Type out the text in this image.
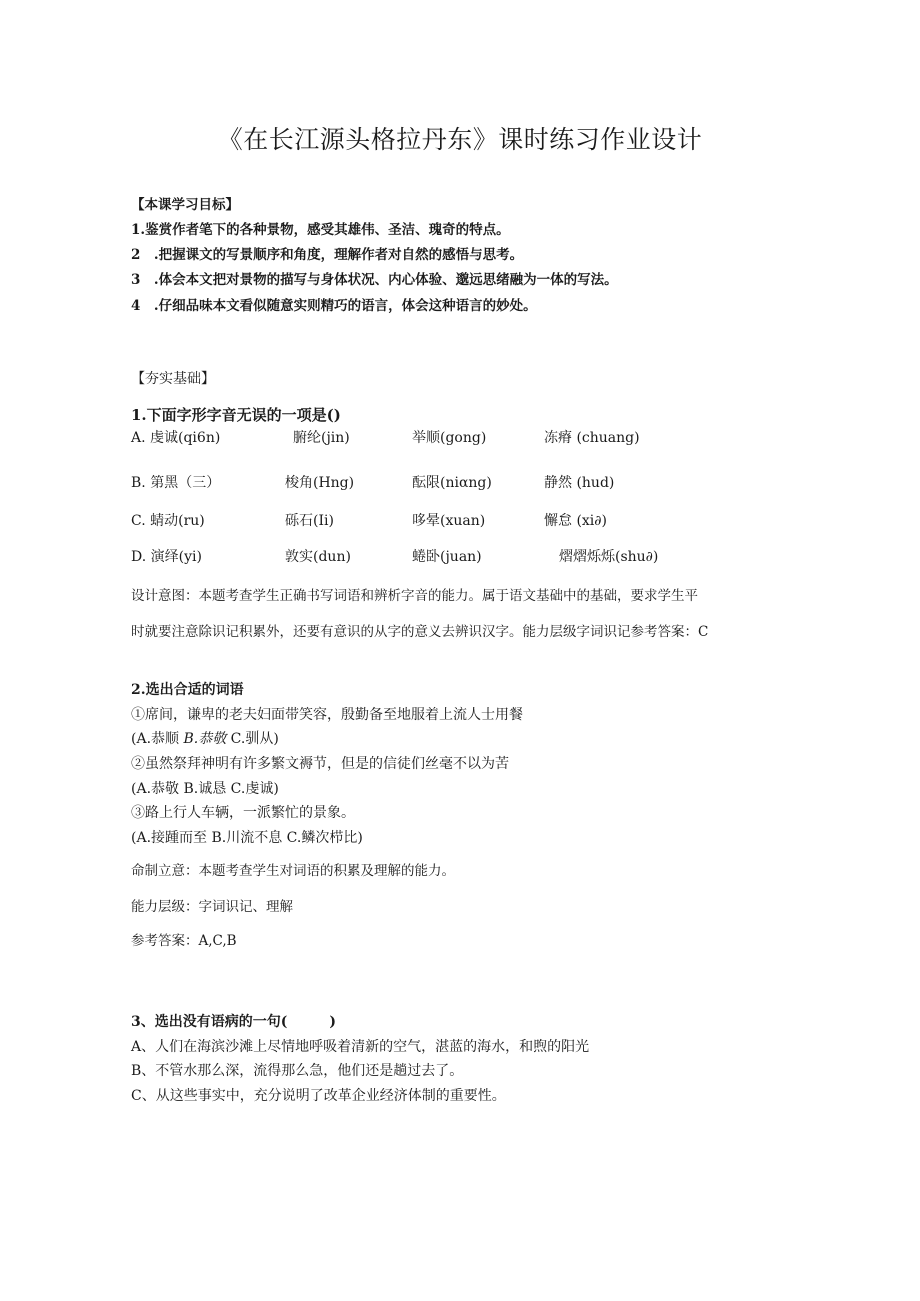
《在长江源头格拉丹东》课时练习作业设计
【本课学习目标】
1.鉴赏作者笔下的各种景物，感受其雄伟、圣洁、瑰奇的特点。
2　.把握课文的写景顺序和角度，理解作者对自然的感悟与思考。
3　.体会本文把对景物的描写与身体状况、内心体验、邈远思绪融为一体的写法。
4　.仔细品味本文看似随意实则精巧的语言，体会这种语言的妙处。
【夯实基础】
1.下面字形字音无误的一项是()
A. 虔诚(qi6n)	腑纶(jin)	举顺(gong)	冻瘠 (chuang)
B. 第黑（三）	梭角(Hng)	酝限(niαng)	静然 (hud)
C. 蜻动(ru)	砾石(Ii)	哆晕(xuan)	懈怠 (xi∂)
D. 演绎(yi)	敦实(dun)	蜷卧(juan)	熠熠烁烁(shu∂)
设计意图：本题考查学生正确书写词语和辨析字音的能力。属于语文基础中的基础，要求学生平
时就要注意除识记积累外，还要有意识的从字的意义去辨识汉字。能力层级字词识记参考答案：C
2.选出合适的词语
①席间，谦卑的老夫妇面带笑容，殷勤备至地服着上流人士用餐
(A.恭顺 B.恭敬 C.驯从)
②虽然祭拜神明有许多繁文褥节，但是的信徒们丝毫不以为苦
(A.恭敬 B.诚恳 C.虔诚)
③路上行人车辆，一派繁忙的景象。
(A.接踵而至 B.川流不息 C.鳞次栉比)
命制立意：本题考查学生对词语的积累及理解的能力。
能力层级：字词识记、理解
参考答案：A,C,B
3、选出没有语病的一句(　　　)
A、人们在海滨沙滩上尽情地呼吸着清新的空气，湛蓝的海水，和煦的阳光
B、不管水那么深，流得那么急，他们还是趟过去了。
C、从这些事实中，充分说明了改革企业经济体制的重要性。
